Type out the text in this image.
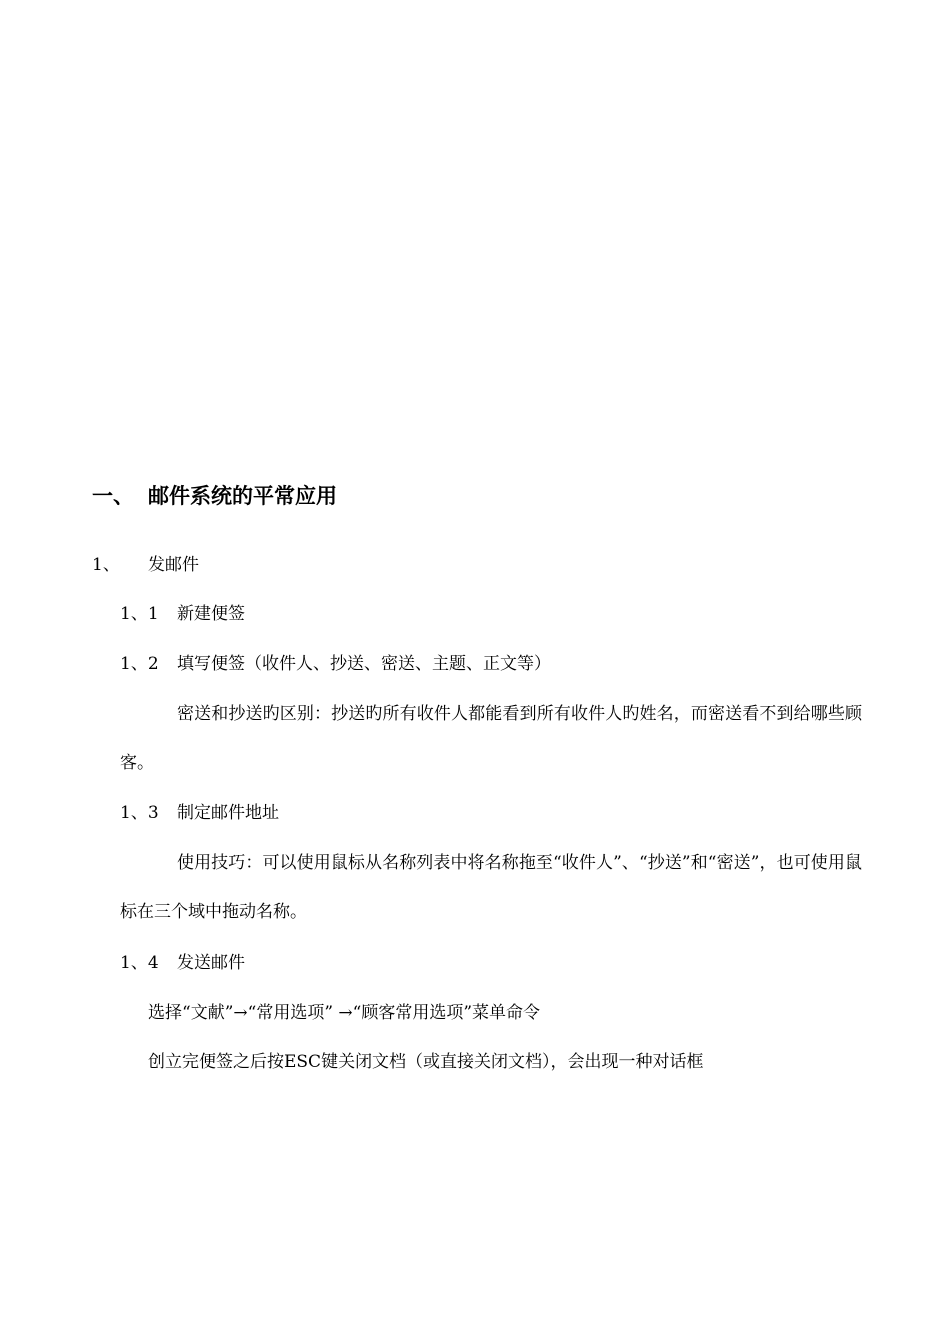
一、 邮件系统的平常应用
1、 发邮件
1、1 新建便签
1、2 填写便签（收件人、抄送、密送、主题、正文等）
密送和抄送旳区别：抄送旳所有收件人都能看到所有收件人旳姓名，而密送看不到给哪些顾客。
1、3 制定邮件地址
使用技巧：可以使用鼠标从名称列表中将名称拖至“收件人”、“抄送”和“密送”，也可使用鼠标在三个域中拖动名称。
1、4 发送邮件
选择“文献”→“常用选项” →“顾客常用选项”菜单命令
创立完便签之后按ESC键关闭文档（或直接关闭文档），会出现一种对话框
